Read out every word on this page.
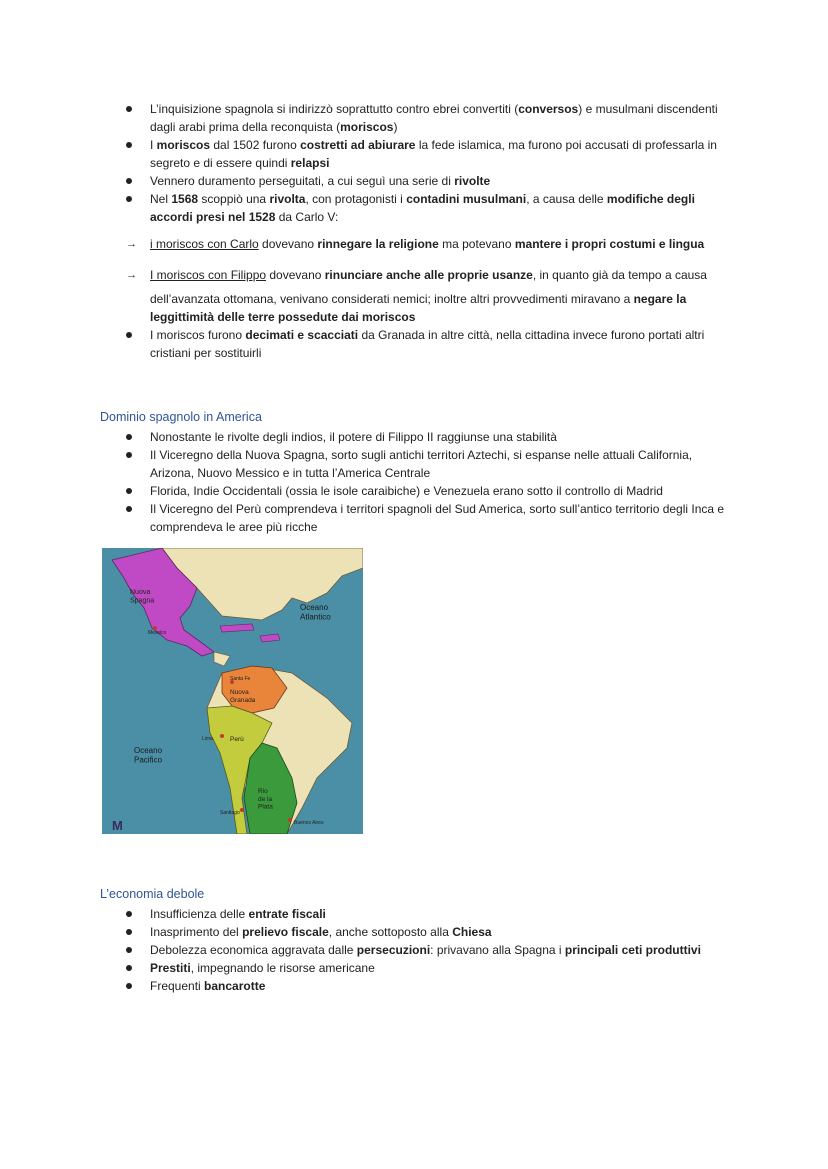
L’inquisizione spagnola si indirizzò soprattutto contro ebrei convertiti (conversos) e musulmani discendenti dagli arabi prima della reconquista (moriscos)
I moriscos dal 1502 furono costretti ad abiurare la fede islamica, ma furono poi accusati di professarla in segreto e di essere quindi relapsi
Vennero duramento perseguitati, a cui seguì una serie di rivolte
Nel 1568 scoppiò una rivolta, con protagonisti i contadini musulmani, a causa delle modifiche degli accordi presi nel 1528 da Carlo V:
→	i moriscos con Carlo dovevano rinnegare la religione ma potevano mantere i propri costumi e lingua
→	I moriscos con Filippo dovevano rinunciare anche alle proprie usanze, in quanto già da tempo a causa
dell’avanzata ottomana, venivano considerati nemici; inoltre altri provvedimenti miravano a negare la leggittimità delle terre possedute dai moriscos
I moriscos furono decimati e scacciati da Granada in altre città, nella cittadina invece furono portati altri cristiani per sostituirli
Dominio spagnolo in America
Nonostante le rivolte degli indios, il potere di Filippo II raggiunse una stabilità
Il Viceregno della Nuova Spagna, sorto sugli antichi territori Aztechi, si espanse nelle attuali California, Arizona, Nuovo Messico e in tutta l’America Centrale
Florida, Indie Occidentali (ossia le isole caraibiche) e Venezuela erano sotto il controllo di Madrid
Il Viceregno del Perù comprendeva i territori spagnoli del Sud America, sorto sull’antico territorio degli Inca e comprendeva le aree più ricche
Nuova Spagna
Messico
Oceano Atlantico
Santa Fe
Nuova Granada
Lima	Perù
Oceano Pacifico
Rio de la Plata
Santiago
Buenos Aires
M
L’economia debole
Insufficienza delle entrate fiscali
Inasprimento del prelievo fiscale, anche sottoposto alla Chiesa
Debolezza economica aggravata dalle persecuzioni: privavano alla Spagna i principali ceti produttivi
Prestiti, impegnando le risorse americane
Frequenti bancarotte
